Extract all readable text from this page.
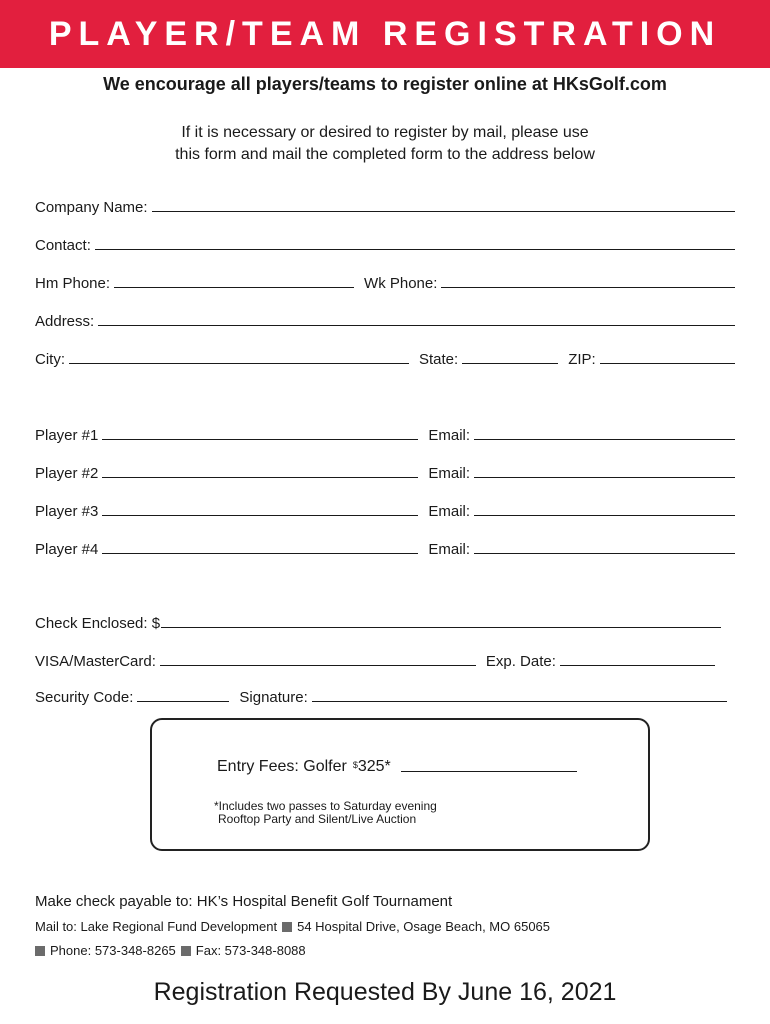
PLAYER/TEAM REGISTRATION
We encourage all players/teams to register online at HKsGolf.com
If it is necessary or desired to register by mail, please use
this form and mail the completed form to the address below
Company Name:
Contact:
Hm Phone:	Wk Phone:
Address:
City:	State:	ZIP:
Player #1	Email:
Player #2	Email:
Player #3	Email:
Player #4	Email:
Check Enclosed: $
VISA/MasterCard:	Exp. Date:
Security Code:	Signature:
Entry Fees: Golfer $ 325*
*Includes two passes to Saturday evening
Rooftop Party and Silent/Live Auction
Make check payable to: HK’s Hospital Benefit Golf Tournament
Mail to: Lake Regional Fund Development 54 Hospital Drive, Osage Beach, MO 65065
Phone: 573-348-8265 Fax: 573-348-8088
Registration Requested By June 16, 2021
